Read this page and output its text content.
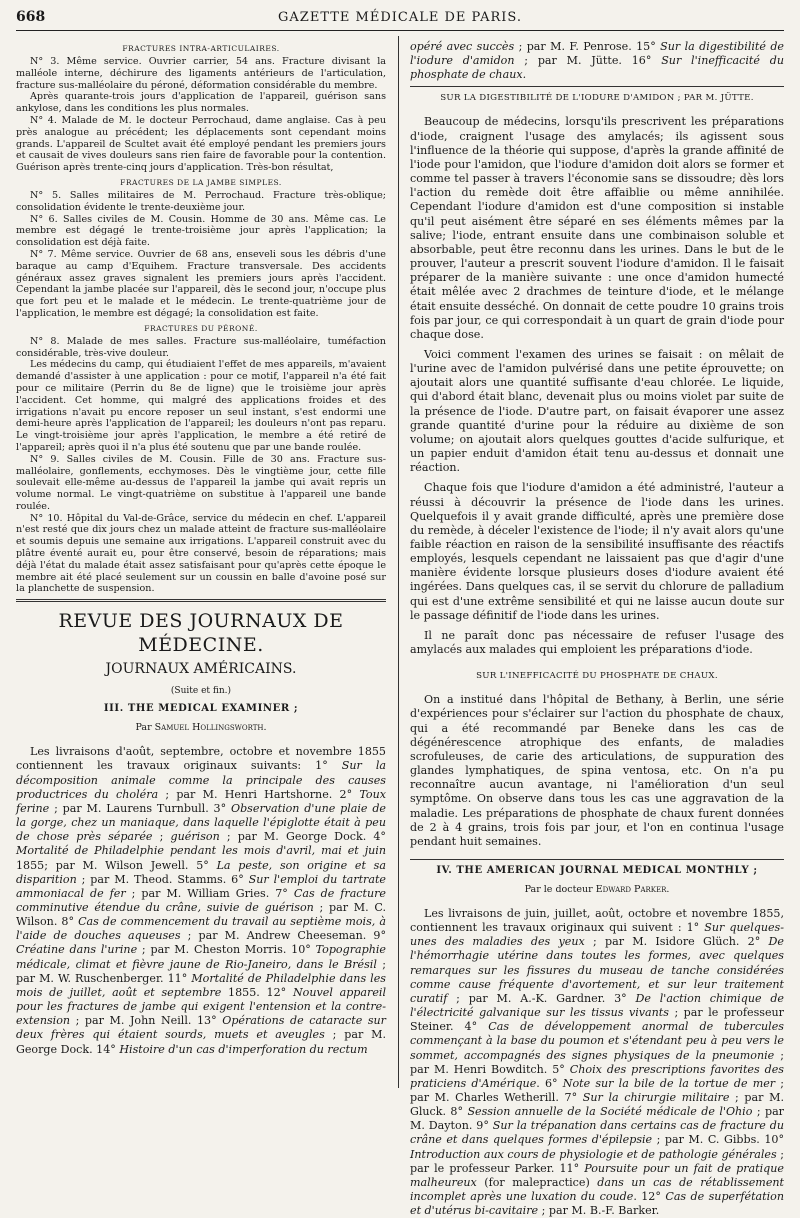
668	GAZETTE MÉDICALE DE PARIS.
FRACTURES INTRA-ARTICULAIRES.

N° 3. Même service. Ouvrier carrier, 54 ans. Fracture divisant la malléole interne, déchirure des ligaments antérieurs de l'articulation, fracture sus-malléolaire du péroné, déformation considérable du membre.

Après quarante-trois jours d'application de l'appareil, guérison sans ankylose, dans les conditions les plus normales.

N° 4. Malade de M. le docteur Perrochaud, dame anglaise. Cas à peu près analogue au précédent; les déplacements sont cependant moins grands. L'appareil de Scultet avait été employé pendant les premiers jours et causait de vives douleurs sans rien faire de favorable pour la contention. Guérison après trente-cinq jours d'application. Très-bon résultat,

FRACTURES DE LA JAMBE SIMPLES.

N° 5. Salles militaires de M. Perrochaud. Fracture très-oblique; consolidation évidente le trente-deuxième jour.

N° 6. Salles civiles de M. Cousin. Homme de 30 ans. Même cas. Le membre est dégagé le trente-troisième jour après l'application; la consolidation est déjà faite.

N° 7. Même service. Ouvrier de 68 ans, enseveli sous les débris d'une baraque au camp d'Equihem. Fracture transversale. Des accidents généraux assez graves signalent les premiers jours après l'accident. Cependant la jambe placée sur l'appareil, dès le second jour, n'occupe plus que fort peu et le malade et le médecin. Le trente-quatrième jour de l'application, le membre est dégagé; la consolidation est faite.

FRACTURES DU PÉRONÉ.

N° 8. Malade de mes salles. Fracture sus-malléolaire, tuméfaction considérable, très-vive douleur.

Les médecins du camp, qui étudiaient l'effet de mes appareils, m'avaient demandé d'assister à une application : pour ce motif, l'appareil n'a été fait pour ce militaire (Perrin du 8e de ligne) que le troisième jour après l'accident. Cet homme, qui malgré des applications froides et des irrigations n'avait pu encore reposer un seul instant, s'est endormi une demi-heure après l'application de l'appareil; les douleurs n'ont pas reparu. Le vingt-troisième jour après l'application, le membre a été retiré de l'appareil; après quoi il n'a plus été soutenu que par une bande roulée.

N° 9. Salles civiles de M. Cousin. Fille de 30 ans. Fracture sus-malléolaire, gonflements, ecchymoses. Dès le vingtième jour, cette fille soulevait elle-même au-dessus de l'appareil la jambe qui avait repris un volume normal. Le vingt-quatrième on substitue à l'appareil une bande roulée.

N° 10. Hôpital du Val-de-Grâce, service du médecin en chef. L'appareil n'est resté que dix jours chez un malade atteint de fracture sus-malléolaire et soumis depuis une semaine aux irrigations. L'appareil construit avec du plâtre éventé aurait eu, pour être conservé, besoin de réparations; mais déjà l'état du malade était assez satisfaisant pour qu'après cette époque le membre ait été placé seulement sur un coussin en balle d'avoine posé sur la planchette de suspension.

REVUE DES JOURNAUX DE MÉDECINE.
JOURNAUX AMÉRICAINS.
(Suite et fin.)
III. THE MEDICAL EXAMINER ;
Par Samuel Hollingsworth.

Les livraisons d'août, septembre, octobre et novembre 1855 contiennent les travaux originaux suivants: 1° Sur la décomposition animale comme la principale des causes productrices du choléra ; par M. Henri Hartshorne. 2° Toux ferine ; par M. Laurens Turnbull. 3° Observation d'une plaie de la gorge, chez un maniaque, dans laquelle l'épiglotte était à peu de chose près séparée ; guérison ; par M. George Dock. 4° Mortalité de Philadelphie pendant les mois d'avril, mai et juin 1855; par M. Wilson Jewell. 5° La peste, son origine et sa disparition ; par M. Theod. Stamms. 6° Sur l'emploi du tartrate ammoniacal de fer ; par M. William Gries. 7° Cas de fracture comminutive étendue du crâne, suivie de guérison ; par M. C. Wilson. 8° Cas de commencement du travail au septième mois, à l'aide de douches aqueuses ; par M. Andrew Cheeseman. 9° Créatine dans l'urine ; par M. Cheston Morris. 10° Topographie médicale, climat et fièvre jaune de Rio-Janeiro, dans le Brésil ; par M. W. Ruschenberger. 11° Mortalité de Philadelphie dans les mois de juillet, août et septembre 1855. 12° Nouvel appareil pour les fractures de jambe qui exigent l'entension et la contre-extension ; par M. John Neill. 13° Opérations de cataracte sur deux frères qui étaient sourds, muets et aveugles ; par M. George Dock. 14° Histoire d'un cas d'imperforation du rectum

opéré avec succès ; par M. F. Penrose. 15° Sur la digestibilité de l'iodure d'amidon ; par M. Jütte. 16° Sur l'inefficacité du phosphate de chaux.

SUR LA DIGESTIBILITÉ DE L'IODURE D'AMIDON ; PAR M. JÜTTE.

Beaucoup de médecins, lorsqu'ils prescrivent les préparations d'iode, craignent l'usage des amylacés; ils agissent sous l'influence de la théorie qui suppose, d'après la grande affinité de l'iode pour l'amidon, que l'iodure d'amidon doit alors se former et comme tel passer à travers l'économie sans se dissoudre; dès lors l'action du remède doit être affaiblie ou même annihilée. Cependant l'iodure d'amidon est d'une composition si instable qu'il peut aisément être séparé en ses éléments mêmes par la salive; l'iode, entrant ensuite dans une combinaison soluble et absorbable, peut être reconnu dans les urines. Dans le but de le prouver, l'auteur a prescrit souvent l'iodure d'amidon. Il le faisait préparer de la manière suivante : une once d'amidon humecté était mêlée avec 2 drachmes de teinture d'iode, et le mélange était ensuite desséché. On donnait de cette poudre 10 grains trois fois par jour, ce qui correspondait à un quart de grain d'iode pour chaque dose.

Voici comment l'examen des urines se faisait : on mêlait de l'urine avec de l'amidon pulvérisé dans une petite éprouvette; on ajoutait alors une quantité suffisante d'eau chlorée. Le liquide, qui d'abord était blanc, devenait plus ou moins violet par suite de la présence de l'iode. D'autre part, on faisait évaporer une assez grande quantité d'urine pour la réduire au dixième de son volume; on ajoutait alors quelques gouttes d'acide sulfurique, et un papier enduit d'amidon était tenu au-dessus et donnait une réaction.

Chaque fois que l'iodure d'amidon a été administré, l'auteur a réussi à découvrir la présence de l'iode dans les urines. Quelquefois il y avait grande difficulté, après une première dose du remède, à déceler l'existence de l'iode; il n'y avait alors qu'une faible réaction en raison de la sensibilité insuffisante des réactifs employés, lesquels cependant ne laissaient pas que d'agir d'une manière évidente lorsque plusieurs doses d'iodure avaient été ingérées. Dans quelques cas, il se servit du chlorure de palladium qui est d'une extrême sensibilité et qui ne laisse aucun doute sur le passage définitif de l'iode dans les urines.

Il ne paraît donc pas nécessaire de refuser l'usage des amylacés aux malades qui emploient les préparations d'iode.

SUR L'INEFFICACITÉ DU PHOSPHATE DE CHAUX.

On a institué dans l'hôpital de Bethany, à Berlin, une série d'expériences pour s'éclairer sur l'action du phosphate de chaux, qui a été recommandé par Beneke dans les cas de dégénérescence atrophique des enfants, de maladies scrofuleuses, de carie des articulations, de suppuration des glandes lymphatiques, de spina ventosa, etc. On n'a pu reconnaître aucun avantage, ni l'amélioration d'un seul symptôme. On observe dans tous les cas une aggravation de la maladie. Les préparations de phosphate de chaux furent données de 2 à 4 grains, trois fois par jour, et l'on en continua l'usage pendant huit semaines.

IV. THE AMERICAN JOURNAL MEDICAL MONTHLY ;
Par le docteur Edward Parker.

Les livraisons de juin, juillet, août, octobre et novembre 1855, contiennent les travaux originaux qui suivent : 1° Sur quelques-unes des maladies des yeux ; par M. Isidore Glüch. 2° De l'hémorrhagie utérine dans toutes les formes, avec quelques remarques sur les fissures du museau de tanche considérées comme cause fréquente d'avortement, et sur leur traitement curatif ; par M. A.-K. Gardner. 3° De l'action chimique de l'électricité galvanique sur les tissus vivants ; par le professeur Steiner. 4° Cas de développement anormal de tubercules commençant à la base du poumon et s'étendant peu à peu vers le sommet, accompagnés des signes physiques de la pneumonie ; par M. Henri Bowditch. 5° Choix des prescriptions favorites des praticiens d'Amérique. 6° Note sur la bile de la tortue de mer ; par M. Charles Wetherill. 7° Sur la chirurgie militaire ; par M. Gluck. 8° Session annuelle de la Société médicale de l'Ohio ; par M. Dayton. 9° Sur la trépanation dans certains cas de fracture du crâne et dans quelques formes d'épilepsie ; par M. C. Gibbs. 10° Introduction aux cours de physiologie et de pathologie générales ; par le professeur Parker. 11° Poursuite pour un fait de pratique malheureux (for malepractice) dans un cas de rétablissement incomplet après une luxation du coude. 12° Cas de superfétation et d'utérus bi-cavitaire ; par M. B.-F. Barker.
